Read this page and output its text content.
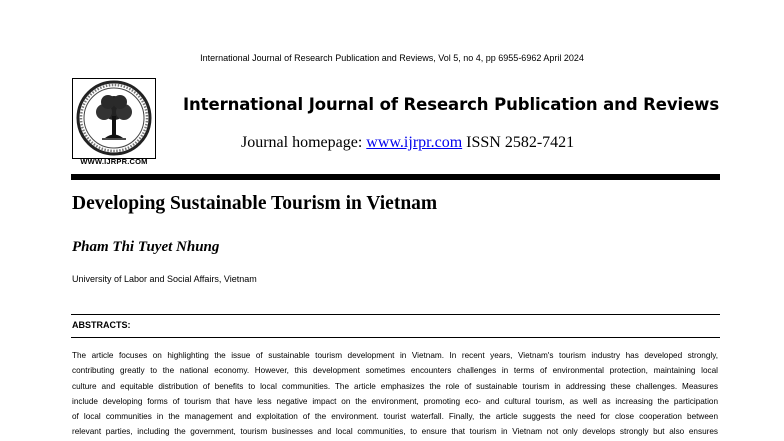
International Journal of Research Publication and Reviews, Vol 5, no 4, pp 6955-6962 April 2024
WWW.IJRPR.COM
International Journal of Research Publication and Reviews
Journal homepage: www.ijrpr.com ISSN 2582-7421
Developing Sustainable Tourism in Vietnam
Pham Thi Tuyet Nhung
University of Labor and Social Affairs, Vietnam
ABSTRACTS:
The article focuses on highlighting the issue of sustainable tourism development in Vietnam. In recent years, Vietnam's tourism industry has developed strongly,
contributing greatly to the national economy. However, this development sometimes encounters challenges in terms of environmental protection, maintaining local
culture and equitable distribution of benefits to local communities. The article emphasizes the role of sustainable tourism in addressing these challenges. Measures
include developing forms of tourism that have less negative impact on the environment, promoting eco- and cultural tourism, as well as increasing the participation
of local communities in the management and exploitation of the environment. tourist waterfall. Finally, the article suggests the need for close cooperation between
relevant parties, including the government, tourism businesses and local communities, to ensure that tourism in Vietnam not only develops strongly but also ensures
